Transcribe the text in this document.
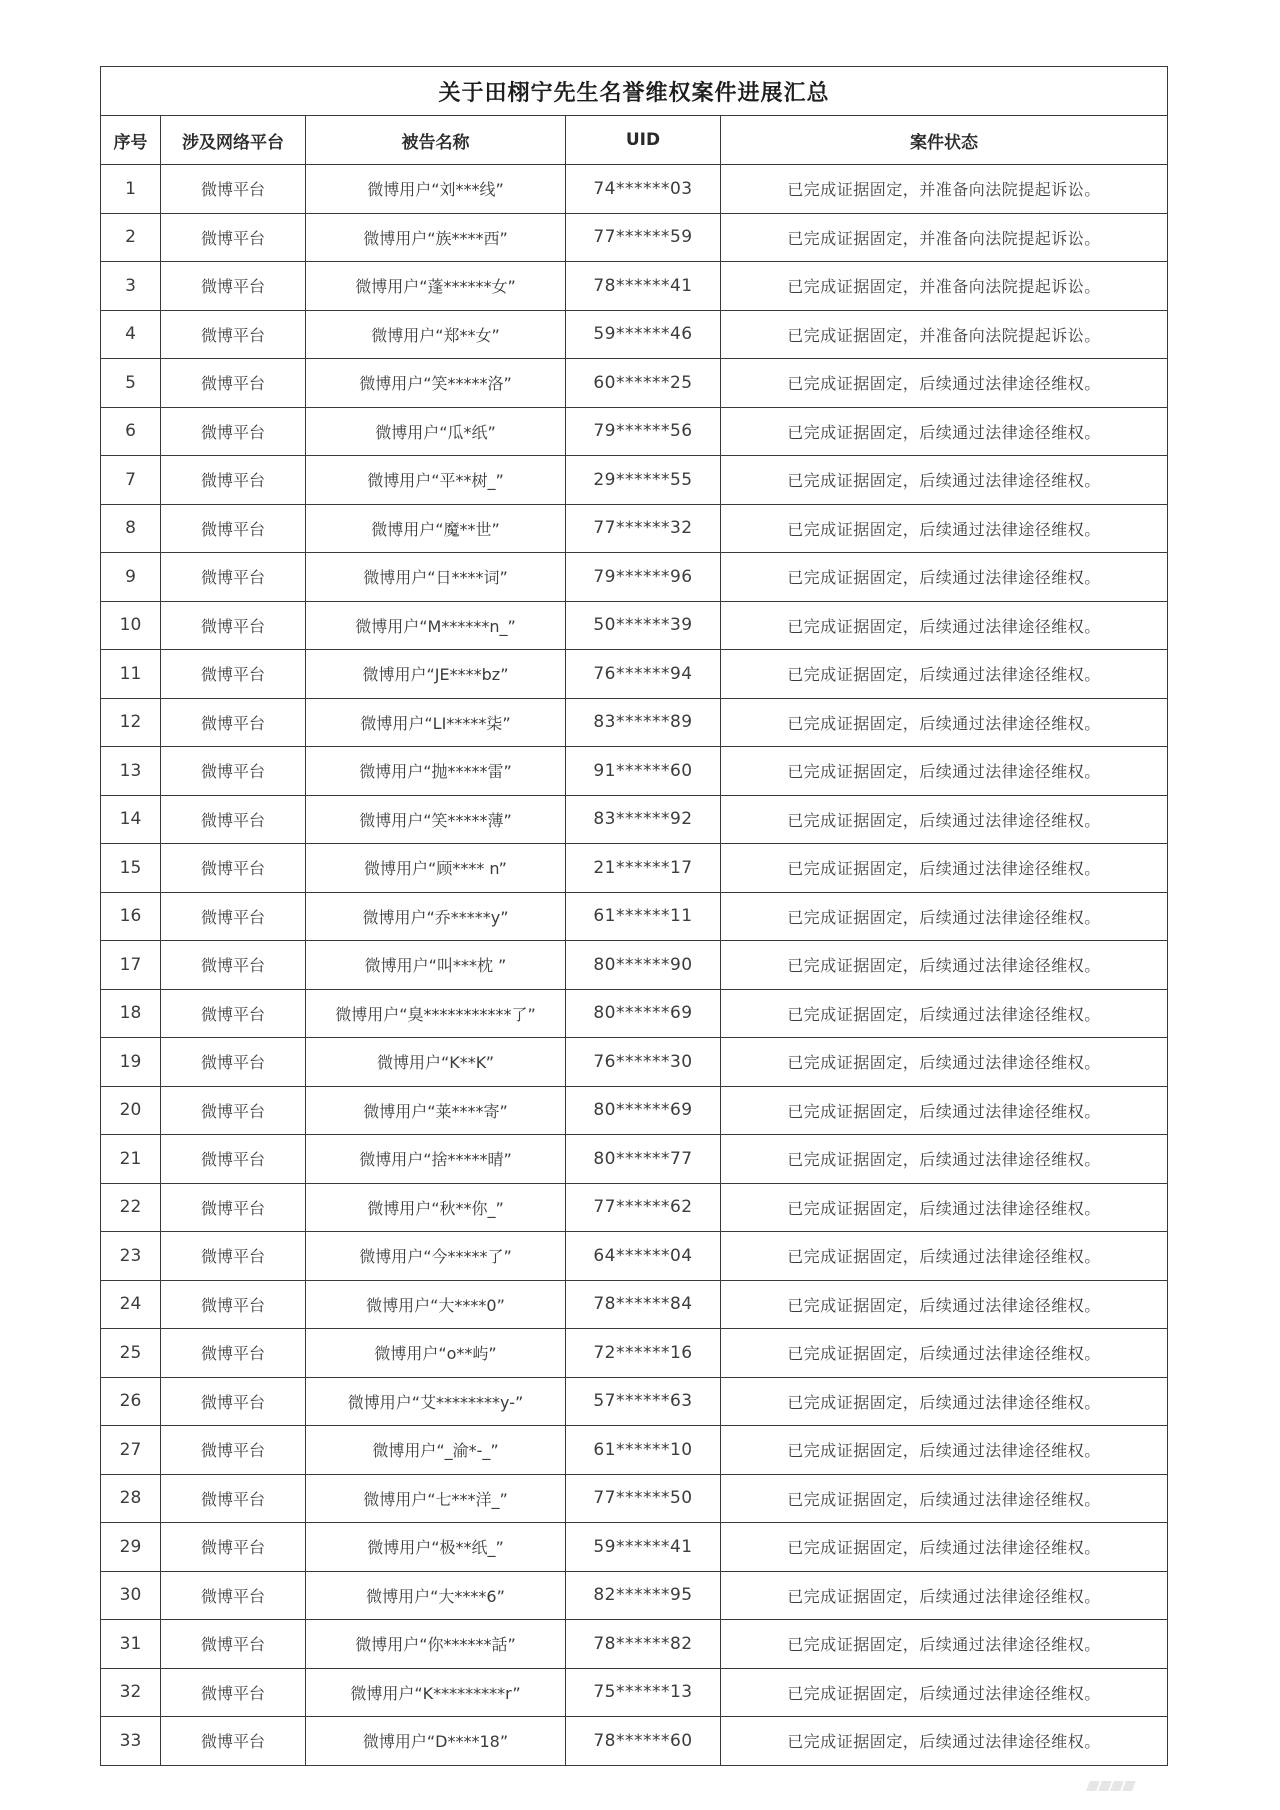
关于田栩宁先生名誉维权案件进展汇总				
序号	涉及网络平台	被告名称	UID	案件状态
1	微博平台	微博用户“刘***线”	74******03	已完成证据固定，并准备向法院提起诉讼。
2	微博平台	微博用户“族****西”	77******59	已完成证据固定，并准备向法院提起诉讼。
3	微博平台	微博用户“蓬******女”	78******41	已完成证据固定，并准备向法院提起诉讼。
4	微博平台	微博用户“郑**女”	59******46	已完成证据固定，并准备向法院提起诉讼。
5	微博平台	微博用户“笑*****洛”	60******25	已完成证据固定，后续通过法律途径维权。
6	微博平台	微博用户“瓜*纸”	79******56	已完成证据固定，后续通过法律途径维权。
7	微博平台	微博用户“平**树_”	29******55	已完成证据固定，后续通过法律途径维权。
8	微博平台	微博用户“魔**世”	77******32	已完成证据固定，后续通过法律途径维权。
9	微博平台	微博用户“日****词”	79******96	已完成证据固定，后续通过法律途径维权。
10	微博平台	微博用户“M******n_”	50******39	已完成证据固定，后续通过法律途径维权。
11	微博平台	微博用户“JE****bz”	76******94	已完成证据固定，后续通过法律途径维权。
12	微博平台	微博用户“LI*****柒”	83******89	已完成证据固定，后续通过法律途径维权。
13	微博平台	微博用户“抛*****雷”	91******60	已完成证据固定，后续通过法律途径维权。
14	微博平台	微博用户“笑*****薄”	83******92	已完成证据固定，后续通过法律途径维权。
15	微博平台	微博用户“顾**** n”	21******17	已完成证据固定，后续通过法律途径维权。
16	微博平台	微博用户“乔*****y”	61******11	已完成证据固定，后续通过法律途径维权。
17	微博平台	微博用户“叫***枕 ”	80******90	已完成证据固定，后续通过法律途径维权。
18	微博平台	微博用户“臭***********了”	80******69	已完成证据固定，后续通过法律途径维权。
19	微博平台	微博用户“K**K”	76******30	已完成证据固定，后续通过法律途径维权。
20	微博平台	微博用户“莱****寄”	80******69	已完成证据固定，后续通过法律途径维权。
21	微博平台	微博用户“捨*****晴”	80******77	已完成证据固定，后续通过法律途径维权。
22	微博平台	微博用户“秋**你_”	77******62	已完成证据固定，后续通过法律途径维权。
23	微博平台	微博用户“今*****了”	64******04	已完成证据固定，后续通过法律途径维权。
24	微博平台	微博用户“大****0”	78******84	已完成证据固定，后续通过法律途径维权。
25	微博平台	微博用户“o**屿”	72******16	已完成证据固定，后续通过法律途径维权。
26	微博平台	微博用户“艾********y-”	57******63	已完成证据固定，后续通过法律途径维权。
27	微博平台	微博用户“_渝*-_”	61******10	已完成证据固定，后续通过法律途径维权。
28	微博平台	微博用户“七***洋_”	77******50	已完成证据固定，后续通过法律途径维权。
29	微博平台	微博用户“极**纸_”	59******41	已完成证据固定，后续通过法律途径维权。
30	微博平台	微博用户“大****6”	82******95	已完成证据固定，后续通过法律途径维权。
31	微博平台	微博用户“你******話”	78******82	已完成证据固定，后续通过法律途径维权。
32	微博平台	微博用户“K*********r”	75******13	已完成证据固定，后续通过法律途径维权。
33	微博平台	微博用户“D****18”	78******60	已完成证据固定，后续通过法律途径维权。
